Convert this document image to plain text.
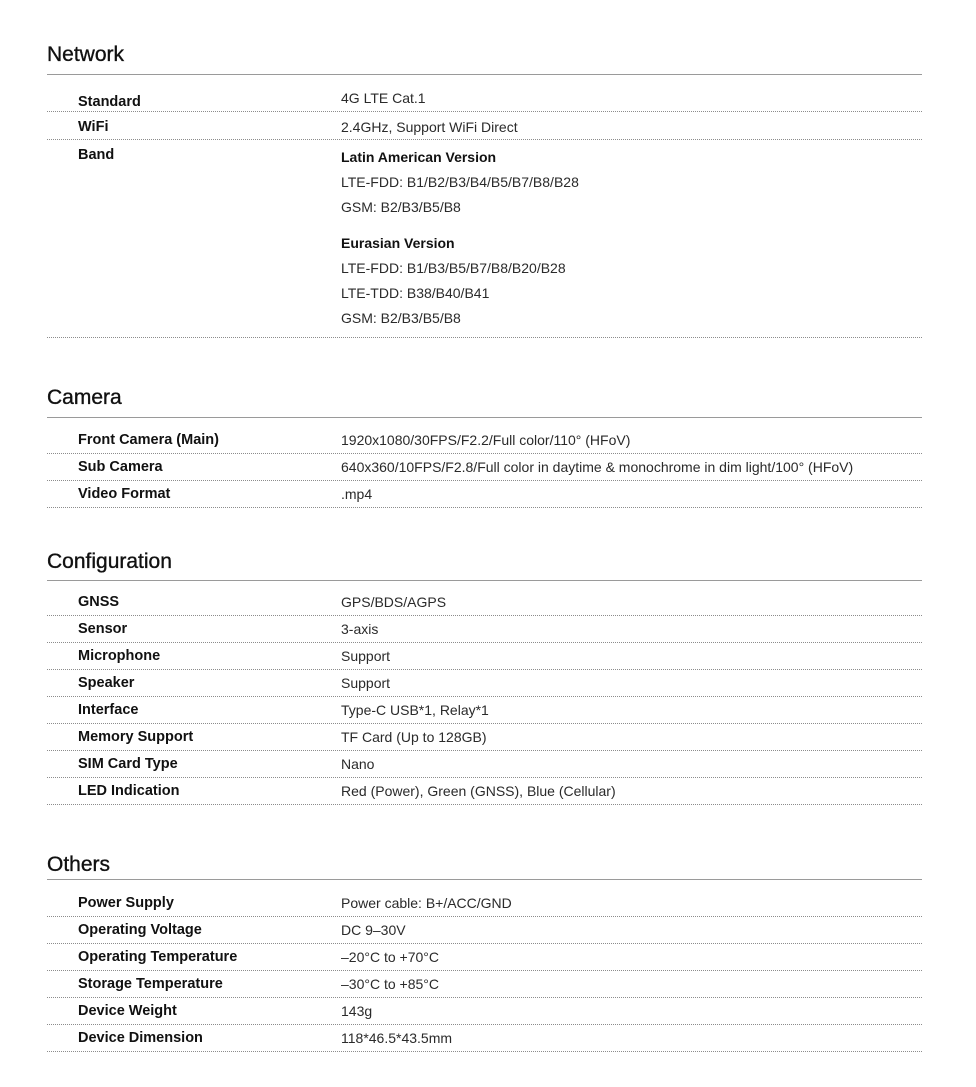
Network
Standard	4G LTE Cat.1
WiFi	2.4GHz, Support WiFi Direct
Band	Latin American Version
LTE-FDD: B1/B2/B3/B4/B5/B7/B8/B28
GSM: B2/B3/B5/B8
Eurasian Version
LTE-FDD: B1/B3/B5/B7/B8/B20/B28
LTE-TDD: B38/B40/B41
GSM: B2/B3/B5/B8
Camera
Front Camera (Main)	1920x1080/30FPS/F2.2/Full color/110° (HFoV)
Sub Camera	640x360/10FPS/F2.8/Full color in daytime & monochrome in dim light/100° (HFoV)
Video Format	.mp4
Configuration
GNSS	GPS/BDS/AGPS
Sensor	3-axis
Microphone	Support
Speaker	Support
Interface	Type-C USB*1, Relay*1
Memory Support	TF Card (Up to 128GB)
SIM Card Type	Nano
LED Indication	Red (Power), Green (GNSS), Blue (Cellular)
Others
Power Supply	Power cable: B+/ACC/GND
Operating Voltage	DC 9–30V
Operating Temperature	–20°C to +70°C
Storage Temperature	–30°C to +85°C
Device Weight	143g
Device Dimension	118*46.5*43.5mm
